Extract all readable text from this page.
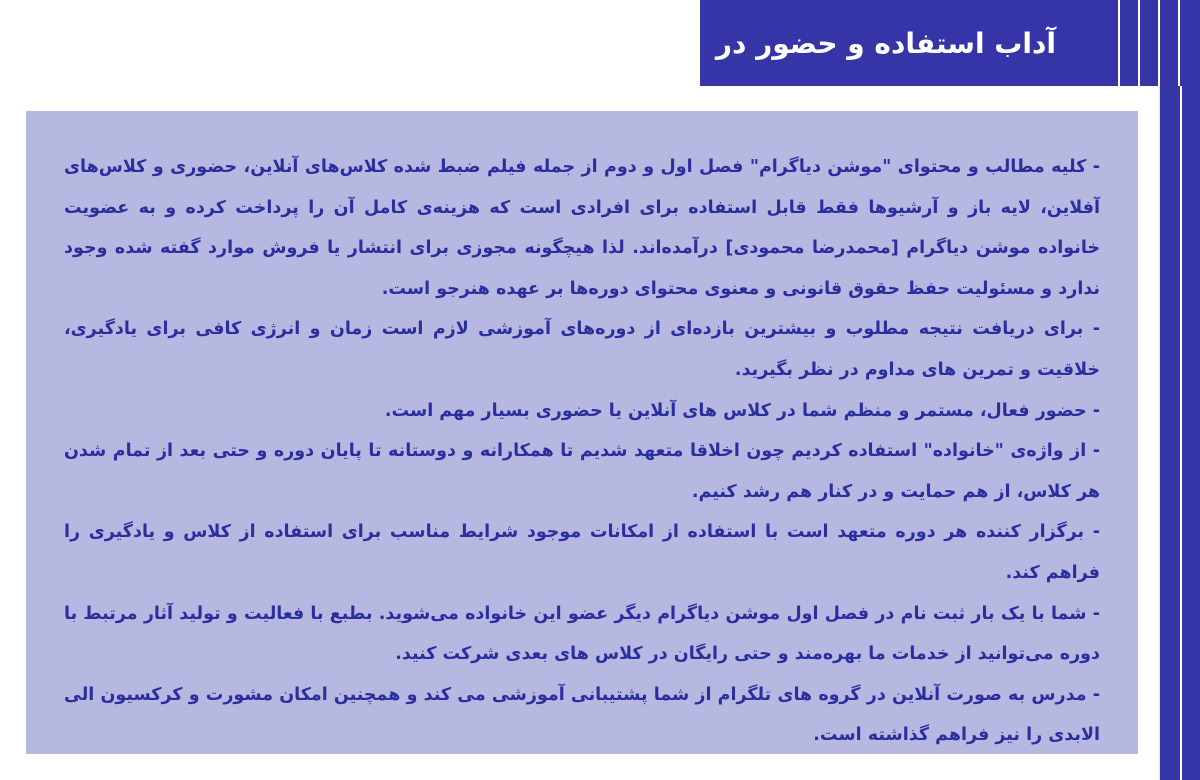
آداب استفاده و حضور در

- کلیه مطالب و محتوای "موشن دیاگرام" فصل اول و دوم از جمله فیلم ضبط شده کلاس‌های آنلاین، حضوری و کلاس‌های آفلاین، لایه باز و آرشیوها فقط قابل استفاده برای افرادی است که هزینه‌ی کامل آن را پرداخت کرده و به عضویت خانواده موشن دیاگرام [محمدرضا محمودی] درآمده‌اند. لذا هیچگونه مجوزی برای انتشار یا فروش موارد گفته شده وجود ندارد و مسئولیت حفظ حقوق قانونی و معنوی محتوای دوره‌ها بر عهده هنرجو است.

- برای دریافت نتیجه مطلوب و بیشترین بازده‌ای از دوره‌های آموزشی لازم است زمان و انرژی کافی برای یادگیری، خلاقیت و تمرین های مداوم در نظر بگیرید.

- حضور فعال، مستمر و منظم شما در کلاس های آنلاین یا حضوری بسیار مهم است.

- از واژه‌ی "خانواده" استفاده کردیم چون اخلاقا متعهد شدیم تا همکارانه و دوستانه تا پایان دوره و حتی بعد از تمام شدن هر کلاس، از هم حمایت و در کنار هم رشد کنیم.

- برگزار کننده هر دوره متعهد است با استفاده از امکانات موجود شرایط مناسب برای استفاده از کلاس و یادگیری را فراهم کند.

- شما با یک بار ثبت نام در فصل اول موشن دیاگرام دیگر عضو این خانواده می‌شوید. بطبع با فعالیت و تولید آثار مرتبط با دوره می‌توانید از خدمات ما بهره‌مند و حتی رایگان در کلاس های بعدی شرکت کنید.

- مدرس به صورت آنلاین در گروه های تلگرام از شما پشتیبانی آموزشی می کند و همچنین امکان مشورت و کرکسیون الی الابدی را نیز فراهم گذاشته است.
